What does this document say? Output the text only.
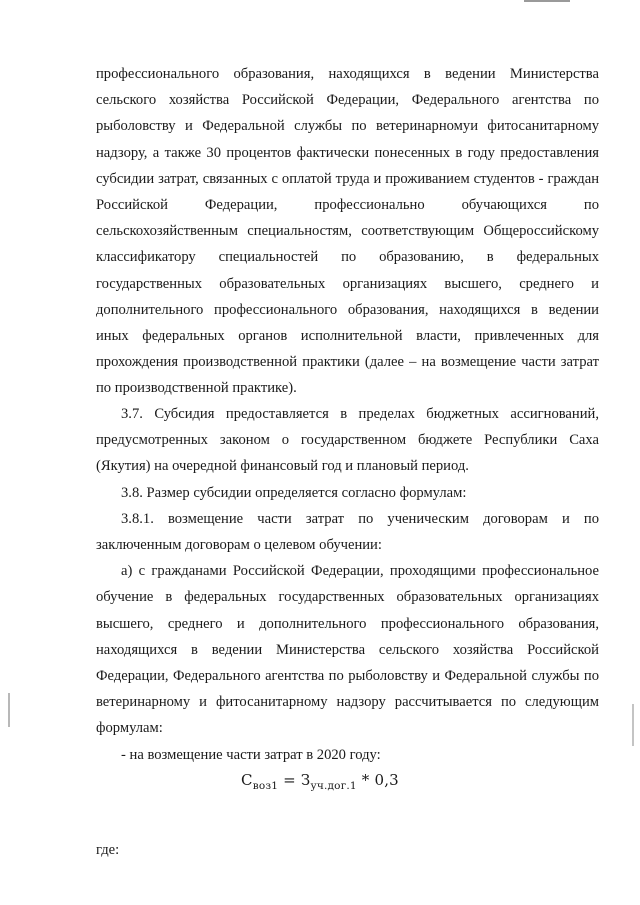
профессионального образования, находящихся в ведении Министерства сельского хозяйства Российской Федерации, Федерального агентства по рыболовству и Федеральной службы по ветеринарномуи фитосанитарному надзору, а также 30 процентов фактически понесенных в году предоставления субсидии затрат, связанных с оплатой труда и проживанием студентов - граждан Российской Федерации, профессионально обучающихся по сельскохозяйственным специальностям, соответствующим Общероссийскому классификатору специальностей по образованию, в федеральных государственных образовательных организациях высшего, среднего и дополнительного профессионального образования, находящихся в ведении иных федеральных органов исполнительной власти, привлеченных для прохождения производственной практики (далее – на возмещение части затрат по производственной практике).

3.7. Субсидия предоставляется в пределах бюджетных ассигнований, предусмотренных законом о государственном бюджете Республики Саха (Якутия) на очередной финансовый год и плановый период.

3.8. Размер субсидии определяется согласно формулам:

3.8.1. возмещение части затрат по ученическим договорам и по заключенным договорам о целевом обучении:

а) с гражданами Российской Федерации, проходящими профессиональное обучение в федеральных государственных образовательных организациях высшего, среднего и дополнительного профессионального образования, находящихся в ведении Министерства сельского хозяйства Российской Федерации, Федерального агентства по рыболовству и Федеральной службы по ветеринарному и фитосанитарному надзору рассчитывается по следующим формулам:

- на возмещение части затрат в 2020 году:

$С_{воз1} = З_{уч.дог.1} * 0,3$
где:
